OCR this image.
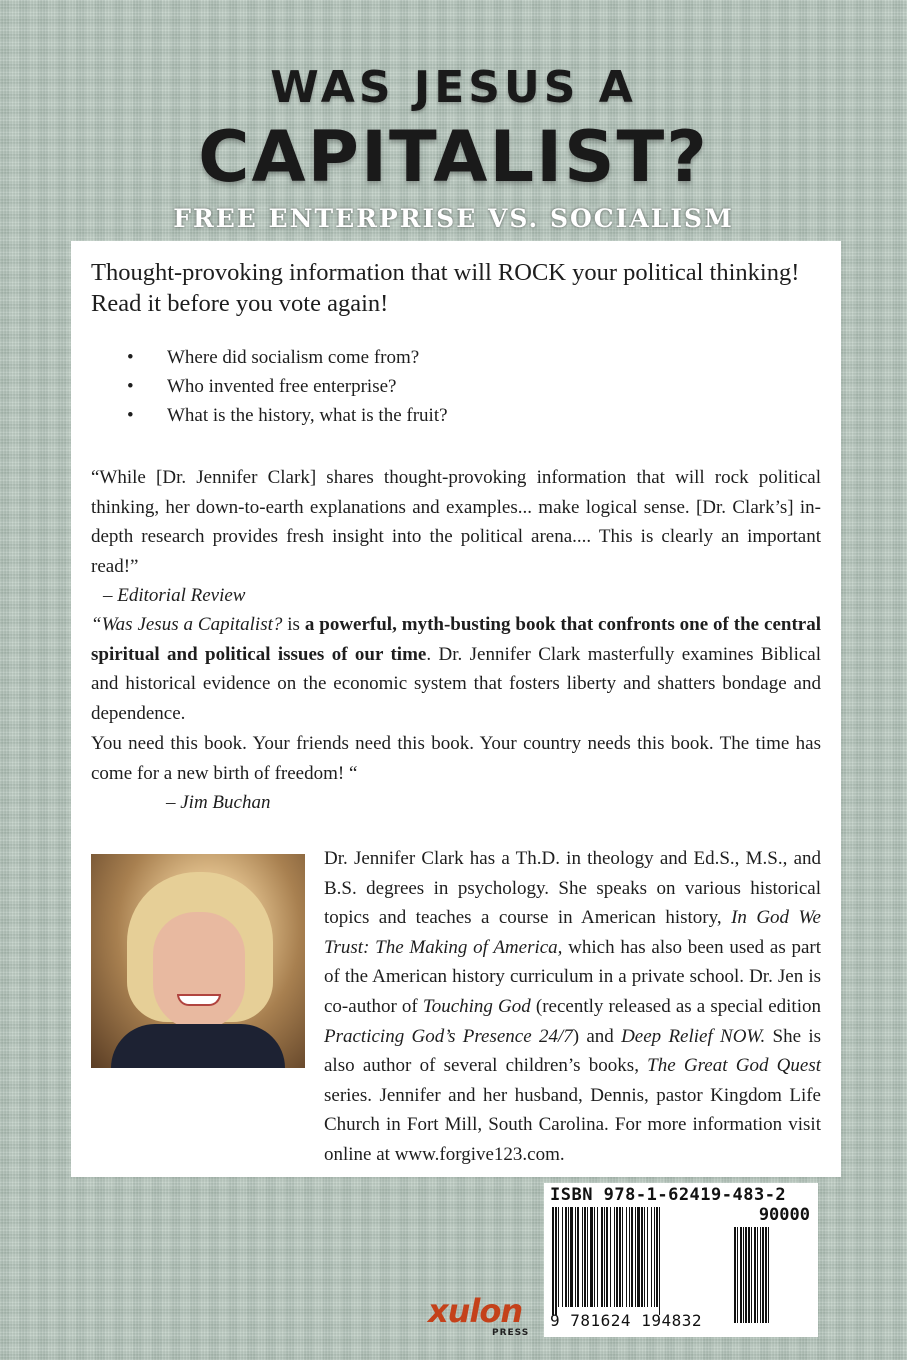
WAS JESUS A
CAPITALIST?
FREE ENTERPRISE VS. SOCIALISM

Thought-provoking information that will ROCK your political thinking!
Read it before you vote again!

• Where did socialism come from?
• Who invented free enterprise?
• What is the history, what is the fruit?
“While [Dr. Jennifer Clark] shares thought-provoking information that will rock political thinking, her down-to-earth explanations and examples... make logical sense. [Dr. Clark’s] in-depth research provides fresh insight into the political arena.... This is clearly an important read!”
– Editorial Review
“Was Jesus a Capitalist? is a powerful, myth-busting book that confronts one of the central spiritual and political issues of our time. Dr. Jennifer Clark masterfully examines Biblical and historical evidence on the economic system that fosters liberty and shatters bondage and dependence.
You need this book. Your friends need this book. Your country needs this book. The time has come for a new birth of freedom! “
– Jim Buchan
Dr. Jennifer Clark has a Th.D. in theology and Ed.S., M.S., and B.S. degrees in psychology. She speaks on various historical topics and teaches a course in American history, In God We Trust: The Making of America, which has also been used as part of the American history curriculum in a private school. Dr. Jen is co-author of Touching God (recently released as a special edition Practicing God’s Presence 24/7) and Deep Relief NOW. She is also author of several children’s books, The Great God Quest series. Jennifer and her husband, Dennis, pastor Kingdom Life Church in Fort Mill, South Carolina. For more information visit online at www.forgive123.com.
ISBN 978-1-62419-483-2
90000
9 781624 194832
xulon
PRESS
